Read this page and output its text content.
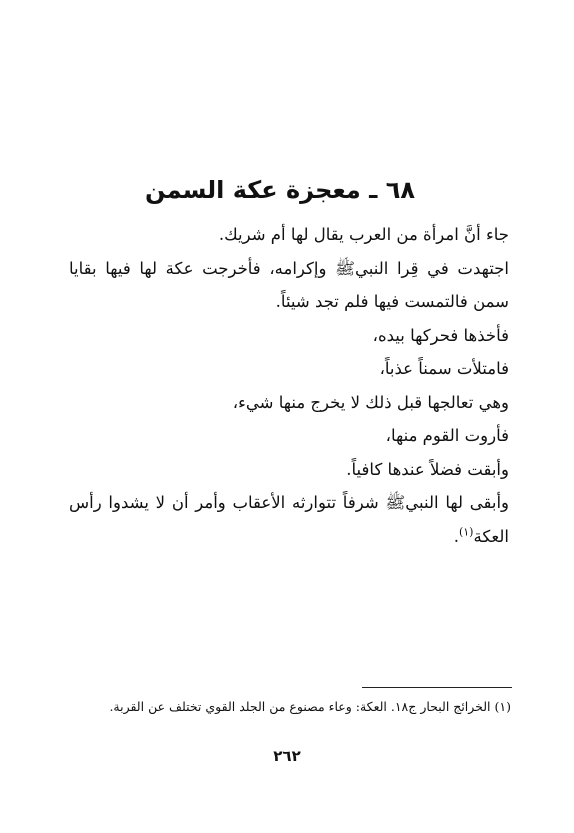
٦٨ ـ معجزة عكة السمن

جاء أنَّ امرأة من العرب يقال لها أم شريك.

اجتهدت في قِرا النبيﷺ وإكرامه، فأخرجت عكة لها فيها بقايا سمن فالتمست فيها فلم تجد شيئاً.

فأخذها فحركها بيده،

فامتلأت سمناً عذباً،

وهي تعالجها قبل ذلك لا يخرج منها شيء،

فأروت القوم منها،

وأبقت فضلاً عندها كافياً.

وأبقى لها النبيﷺ شرفاً تتوارثه الأعقاب وأمر أن لا يشدوا رأس العكة$^{(١)}$.

(١) الخرائج البحار ج١٨. العكة: وعاء مصنوع من الجلد القوي تختلف عن القربة.
٢٦٢
